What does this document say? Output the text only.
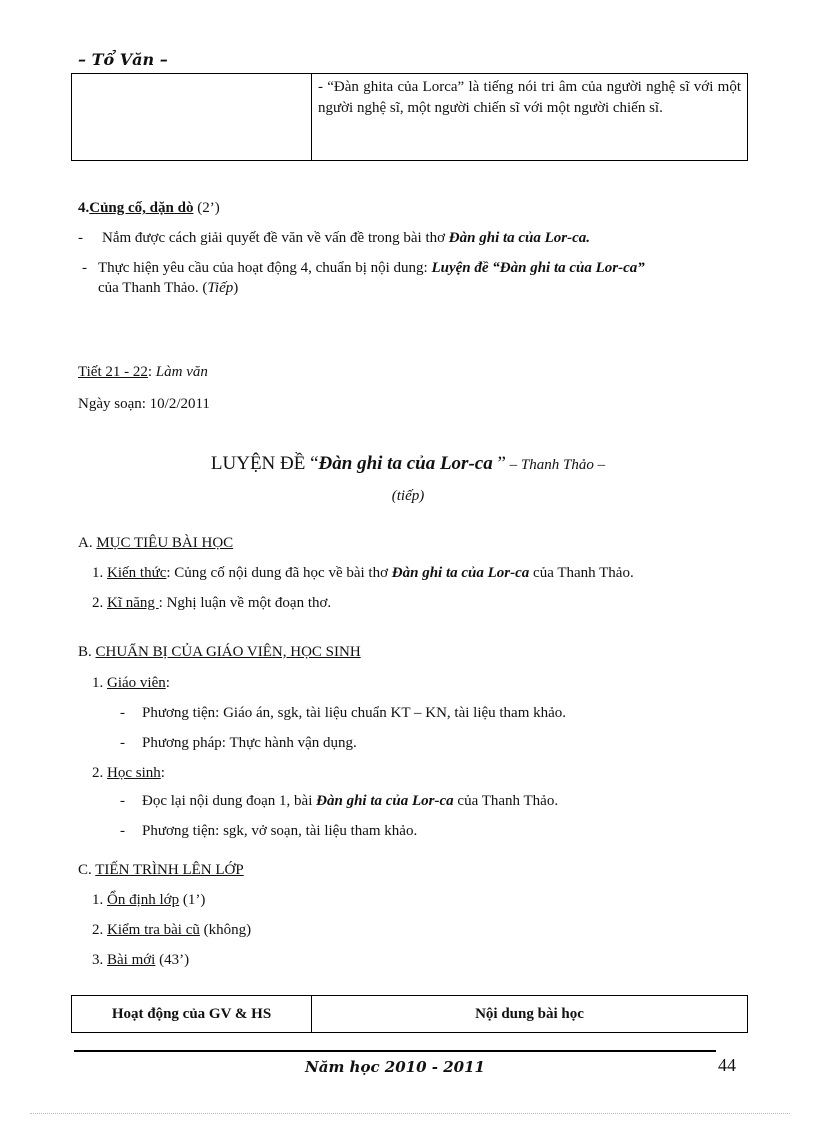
– Tổ Văn –
	- “Đàn ghita của Lorca” là tiếng nói tri âm của người nghệ sĩ với một người nghệ sĩ, một người chiến sĩ với một người chiến sĩ.
4.Củng cố, dặn dò (2’)
- Nắm được cách giải quyết đề văn về vấn đề trong bài thơ Đàn ghi ta của Lor-ca.
- Thực hiện yêu cầu của hoạt động 4, chuẩn bị nội dung: Luyện đề “Đàn ghi ta của Lor-ca”
của Thanh Thảo. (Tiếp)
Tiết 21 - 22: Làm văn
Ngày soạn: 10/2/2011
LUYỆN ĐỀ “Đàn ghi ta của Lor-ca ” – Thanh Thảo –
(tiếp)
A. MỤC TIÊU BÀI HỌC
1. Kiến thức: Củng cố nội dung đã học về bài thơ Đàn ghi ta của Lor-ca của Thanh Thảo.
2. Kĩ năng : Nghị luận về một đoạn thơ.
B. CHUẨN BỊ CỦA GIÁO VIÊN, HỌC SINH
1. Giáo viên:
- Phương tiện: Giáo án, sgk, tài liệu chuẩn KT – KN, tài liệu tham khảo.
- Phương pháp: Thực hành vận dụng.
2. Học sinh:
- Đọc lại nội dung đoạn 1, bài Đàn ghi ta của Lor-ca của Thanh Thảo.
- Phương tiện: sgk, vở soạn, tài liệu tham khảo.
C. TIẾN TRÌNH LÊN LỚP
1. Ổn định lớp (1’)
2. Kiểm tra bài cũ (không)
3. Bài mới (43’)
Hoạt động của GV & HS	Nội dung bài học
Năm học 2010 - 2011	44
